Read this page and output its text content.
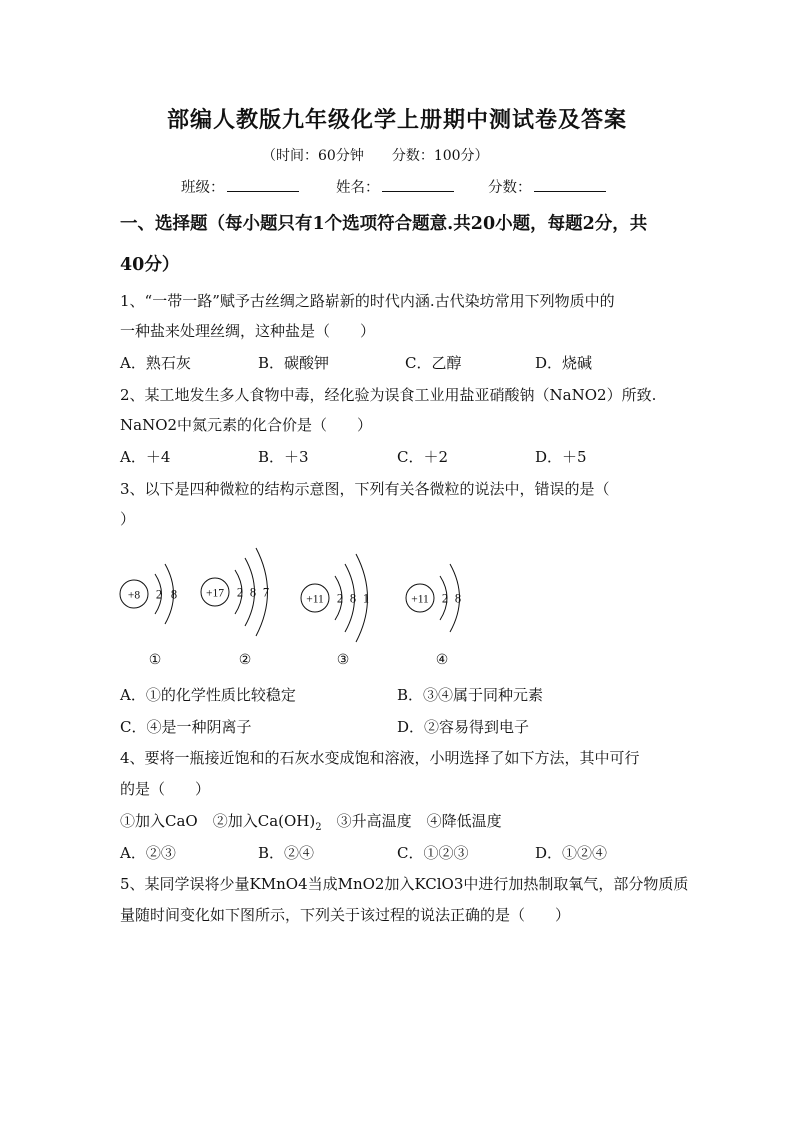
部编人教版九年级化学上册期中测试卷及答案
（时间：60分钟　　分数：100分）
班级：	姓名：	分数：
一、选择题（每小题只有1个选项符合题意.共20小题，每题2分，共
40分）
1、“一带一路”赋予古丝绸之路崭新的时代内涵.古代染坊常用下列物质中的
一种盐来处理丝绸，这种盐是（　　）
A．熟石灰	B．碳酸钾	C．乙醇	D．烧碱
2、某工地发生多人食物中毒，经化验为误食工业用盐亚硝酸钠（NaNO2）所致.
NaNO2中氮元素的化合价是（　　）
A．＋4	B．＋3	C．＋2	D．＋5
3、以下是四种微粒的结构示意图，下列有关各微粒的说法中，错误的是（
）
+8 2 8
①
+17 2 8 7
②
+11 2 8 1
③
+11 2 8
④
A．①的化学性质比较稳定	B．③④属于同种元素
C．④是一种阴离子	D．②容易得到电子
4、要将一瓶接近饱和的石灰水变成饱和溶液，小明选择了如下方法，其中可行
的是（　　）
①加入CaO　②加入$Ca(OH)_2$　③升高温度　④降低温度
A．②③	B．②④	C．①②③	D．①②④
5、某同学误将少量KMnO4当成MnO2加入KClO3中进行加热制取氧气，部分物质质
量随时间变化如下图所示，下列关于该过程的说法正确的是（　　）
